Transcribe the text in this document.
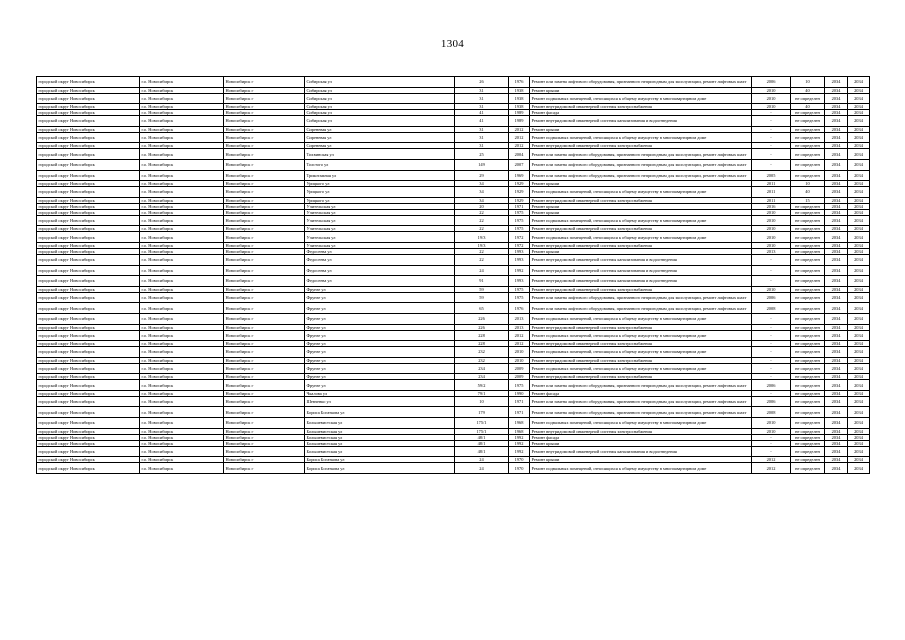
1304
городской округ Новосибирск	г.о. Новосибирск	Новосибирск г	Сибирская ул	26	1976	Ремонт или замена лифтового оборудования, признанного непригодным для эксплуатации, ремонт лифтовых шахт	2006	10	2034	2034
городской округ Новосибирск	г.о. Новосибирск	Новосибирск г	Сибирская ул	31	1938	Ремонт крыши	2010	40	2034	2034
городской округ Новосибирск	г.о. Новосибирск	Новосибирск г	Сибирская ул	31	1938	Ремонт подвальных помещений, относящихся к общему имуществу в многоквартирном доме	2010	не определен	2034	2034
городской округ Новосибирск	г.о. Новосибирск	Новосибирск г	Сибирская ул	31	1938	Ремонт внутридомовой инженерной системы электроснабжения	2010	40	2034	2034
городской округ Новосибирск	г.о. Новосибирск	Новосибирск г	Сибирская ул	41	1989	Ремонт фасада	-	не определен	2034	2034
городской округ Новосибирск	г.о. Новосибирск	Новосибирск г	Сибирская ул	41	1989	Ремонт внутридомовой инженерной системы канализования и водоотведения	-	не определен	2034	2034
городской округ Новосибирск	г.о. Новосибирск	Новосибирск г	Сиреневая ул	31	2012	Ремонт крыши	-	не определен	2034	2034
городской округ Новосибирск	г.о. Новосибирск	Новосибирск г	Сиреневая ул	31	2012	Ремонт подвальных помещений, относящихся к общему имуществу в многоквартирном доме	-	не определен	2034	2034
городской округ Новосибирск	г.о. Новосибирск	Новосибирск г	Сиреневая ул	31	2012	Ремонт внутридомовой инженерной системы электроснабжения	-	не определен	2034	2034
городской округ Новосибирск	г.о. Новосибирск	Новосибирск г	Тихвинская ул	25	2004	Ремонт или замена лифтового оборудования, признанного непригодным для эксплуатации, ремонт лифтовых шахт	-	не определен	2034	2034
городской округ Новосибирск	г.о. Новосибирск	Новосибирск г	Толстого ул	149	2007	Ремонт или замена лифтового оборудования, признанного непригодным для эксплуатации, ремонт лифтовых шахт	-	не определен	2034	2034
городской округ Новосибирск	г.о. Новосибирск	Новосибирск г	Трикотажная ул	29	1969	Ремонт или замена лифтового оборудования, признанного непригодным для эксплуатации, ремонт лифтовых шахт	2005	не определен	2034	2034
городской округ Новосибирск	г.о. Новосибирск	Новосибирск г	Урицкого ул	34	1929	Ремонт крыши	2011	10	2034	2034
городской округ Новосибирск	г.о. Новосибирск	Новосибирск г	Урицкого ул	34	1929	Ремонт подвальных помещений, относящихся к общему имуществу в многоквартирном доме	2011	40	2034	2034
городской округ Новосибирск	г.о. Новосибирск	Новосибирск г	Урицкого ул	34	1929	Ремонт внутридомовой инженерной системы электроснабжения	2011	15	2034	2034
городской округ Новосибирск	г.о. Новосибирск	Новосибирск г	Учительская ул	20	1971	Ремонт крыши	2016	не определен	2034	2034
городской округ Новосибирск	г.о. Новосибирск	Новосибирск г	Учительская ул	22	1975	Ремонт крыши	2010	не определен	2034	2034
городской округ Новосибирск	г.о. Новосибирск	Новосибирск г	Учительская ул	22	1975	Ремонт подвальных помещений, относящихся к общему имуществу в многоквартирном доме	2010	не определен	2034	2034
городской округ Новосибирск	г.о. Новосибирск	Новосибирск г	Учительская ул	22	1975	Ремонт внутридомовой инженерной системы электроснабжения	2010	не определен	2034	2034
городской округ Новосибирск	г.о. Новосибирск	Новосибирск г	Учительская ул	19/3	1972	Ремонт подвальных помещений, относящихся к общему имуществу в многоквартирном доме	2010	не определен	2034	2034
городской округ Новосибирск	г.о. Новосибирск	Новосибирск г	Учительская ул	19/3	1972	Ремонт внутридомовой инженерной системы электроснабжения	2010	не определен	2034	2034
городской округ Новосибирск	г.о. Новосибирск	Новосибирск г	Федосеева ул	22	1993	Ремонт крыши	2013	не определен	2034	2034
городской округ Новосибирск	г.о. Новосибирск	Новосибирск г	Федосеева ул	22	1993	Ремонт внутридомовой инженерной системы канализования и водоотведения	-	не определен	2034	2034
городской округ Новосибирск	г.о. Новосибирск	Новосибирск г	Федосеева ул	24	1992	Ремонт внутридомовой инженерной системы канализования и водоотведения	-	не определен	2034	2034
городской округ Новосибирск	г.о. Новосибирск	Новосибирск г	Федосеева ул	91	1993	Ремонт внутридомовой инженерной системы канализования и водоотведения	-	не определен	2034	2034
городской округ Новосибирск	г.о. Новосибирск	Новосибирск г	Фрунзе ул	59	1975	Ремонт внутридомовой инженерной системы электроснабжения	2010	не определен	2034	2034
городской округ Новосибирск	г.о. Новосибирск	Новосибирск г	Фрунзе ул	59	1975	Ремонт или замена лифтового оборудования, признанного непригодным для эксплуатации, ремонт лифтовых шахт	2006	не определен	2034	2034
городской округ Новосибирск	г.о. Новосибирск	Новосибирск г	Фрунзе ул	65	1976	Ремонт или замена лифтового оборудования, признанного непригодным для эксплуатации, ремонт лифтовых шахт	2008	не определен	2034	2034
городской округ Новосибирск	г.о. Новосибирск	Новосибирск г	Фрунзе ул	226	2013	Ремонт подвальных помещений, относящихся к общему имуществу в многоквартирном доме	-	не определен	2034	2034
городской округ Новосибирск	г.о. Новосибирск	Новосибирск г	Фрунзе ул	226	2013	Ремонт внутридомовой инженерной системы электроснабжения	-	не определен	2034	2034
городской округ Новосибирск	г.о. Новосибирск	Новосибирск г	Фрунзе ул	228	2012	Ремонт подвальных помещений, относящихся к общему имуществу в многоквартирном доме	-	не определен	2034	2034
городской округ Новосибирск	г.о. Новосибирск	Новосибирск г	Фрунзе ул	228	2012	Ремонт внутридомовой инженерной системы электроснабжения	-	не определен	2034	2034
городской округ Новосибирск	г.о. Новосибирск	Новосибирск г	Фрунзе ул	232	2010	Ремонт подвальных помещений, относящихся к общему имуществу в многоквартирном доме	-	не определен	2034	2034
городской округ Новосибирск	г.о. Новосибирск	Новосибирск г	Фрунзе ул	232	2010	Ремонт внутридомовой инженерной системы электроснабжения	-	не определен	2034	2034
городской округ Новосибирск	г.о. Новосибирск	Новосибирск г	Фрунзе ул	234	2009	Ремонт подвальных помещений, относящихся к общему имуществу в многоквартирном доме	-	не определен	2034	2034
городской округ Новосибирск	г.о. Новосибирск	Новосибирск г	Фрунзе ул	234	2009	Ремонт внутридомовой инженерной системы электроснабжения	-	не определен	2034	2034
городской округ Новосибирск	г.о. Новосибирск	Новосибирск г	Фрунзе ул	59/2	1975	Ремонт или замена лифтового оборудования, признанного непригодным для эксплуатации, ремонт лифтовых шахт	2006	не определен	2034	2034
городской округ Новосибирск	г.о. Новосибирск	Новосибирск г	Чкалова ул	79/1	1990	Ремонт фасада	-	не определен	2034	2034
городской округ Новосибирск	г.о. Новосибирск	Новосибирск г	Шевченко ул	10	1971	Ремонт или замена лифтового оборудования, признанного непригодным для эксплуатации, ремонт лифтовых шахт	2006	не определен	2034	2034
городской округ Новосибирск	г.о. Новосибирск	Новосибирск г	Бориса Богаткова ул	179	1971	Ремонт или замена лифтового оборудования, признанного непригодным для эксплуатации, ремонт лифтовых шахт	2008	не определен	2034	2034
городской округ Новосибирск	г.о. Новосибирск	Новосибирск г	Большевистская ул	175/1	1968	Ремонт подвальных помещений, относящихся к общему имуществу в многоквартирном доме	2010	не определен	2034	2034
городской округ Новосибирск	г.о. Новосибирск	Новосибирск г	Большевистская ул	175/1	1968	Ремонт внутридомовой инженерной системы электроснабжения	2010	не определен	2034	2034
городской округ Новосибирск	г.о. Новосибирск	Новосибирск г	Большевистская ул	48/1	1992	Ремонт фасада	-	не определен	2034	2034
городской округ Новосибирск	г.о. Новосибирск	Новосибирск г	Большевистская ул	48/1	1992	Ремонт крыши	-	не определен	2034	2034
городской округ Новосибирск	г.о. Новосибирск	Новосибирск г	Большевистская ул	48/1	1992	Ремонт внутридомовой инженерной системы канализования и водоотведения	-	не определен	2034	2034
городской округ Новосибирск	г.о. Новосибирск	Новосибирск г	Бориса Богаткова ул	24	1970	Ремонт крыши	2012	не определен	2034	2034
городской округ Новосибирск	г.о. Новосибирск	Новосибирск г	Бориса Богаткова ул	24	1970	Ремонт подвальных помещений, относящихся к общему имуществу в многоквартирном доме	2012	не определен	2034	2034
